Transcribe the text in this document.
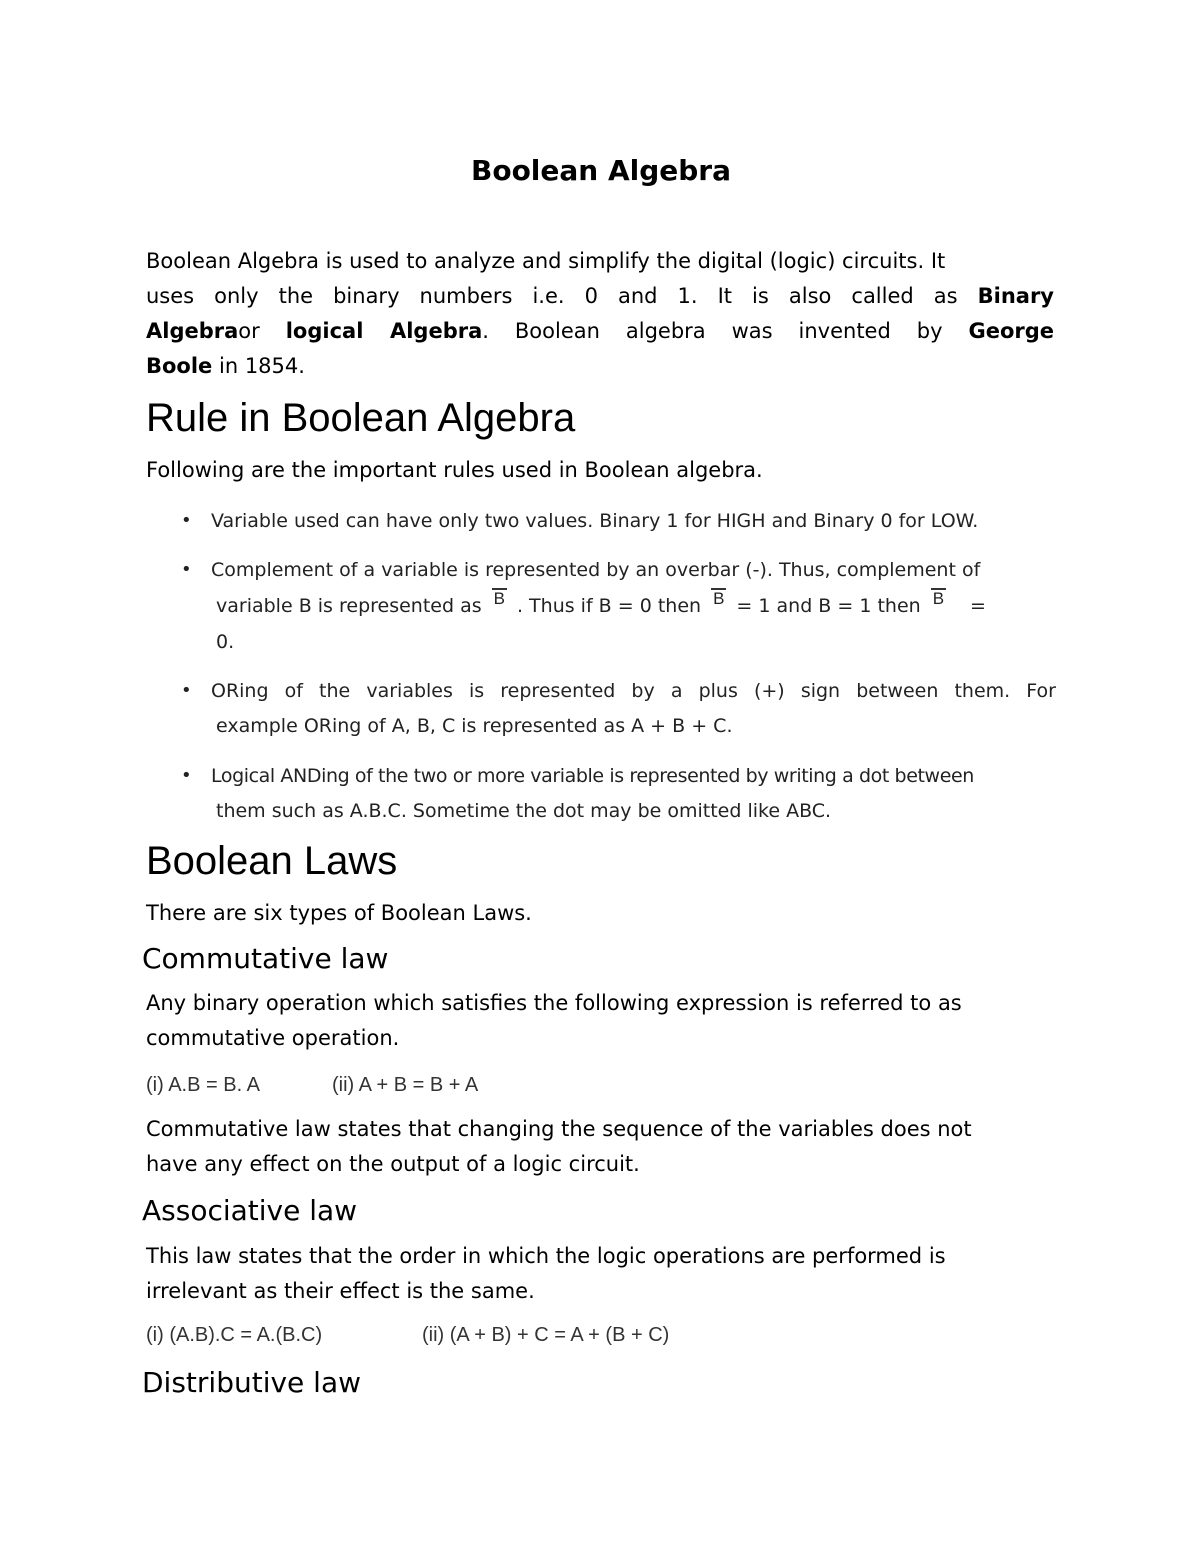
Boolean Algebra
Boolean Algebra is used to analyze and simplify the digital (logic) circuits. It
uses only the binary numbers i.e. 0 and 1. It is also called as Binary
Algebraor logical Algebra. Boolean algebra was invented by George
Boole in 1854.
Rule in Boolean Algebra
Following are the important rules used in Boolean algebra.
• Variable used can have only two values. Binary 1 for HIGH and Binary 0 for LOW.
• Complement of a variable is represented by an overbar (-). Thus, complement of
variable B is represented as B . Thus if B = 0 then B = 1 and B = 1 then B =
0.
• ORing of the variables is represented by a plus (+) sign between them. For
example ORing of A, B, C is represented as A + B + C.
• Logical ANDing of the two or more variable is represented by writing a dot between
them such as A.B.C. Sometime the dot may be omitted like ABC.
Boolean Laws
There are six types of Boolean Laws.
Commutative law
Any binary operation which satisfies the following expression is referred to as
commutative operation.
(i) A.B = B. A	(ii) A + B = B + A
Commutative law states that changing the sequence of the variables does not
have any effect on the output of a logic circuit.
Associative law
This law states that the order in which the logic operations are performed is
irrelevant as their effect is the same.
(i) (A.B).C = A.(B.C)	(ii) (A + B) + C = A + (B + C)
Distributive law
